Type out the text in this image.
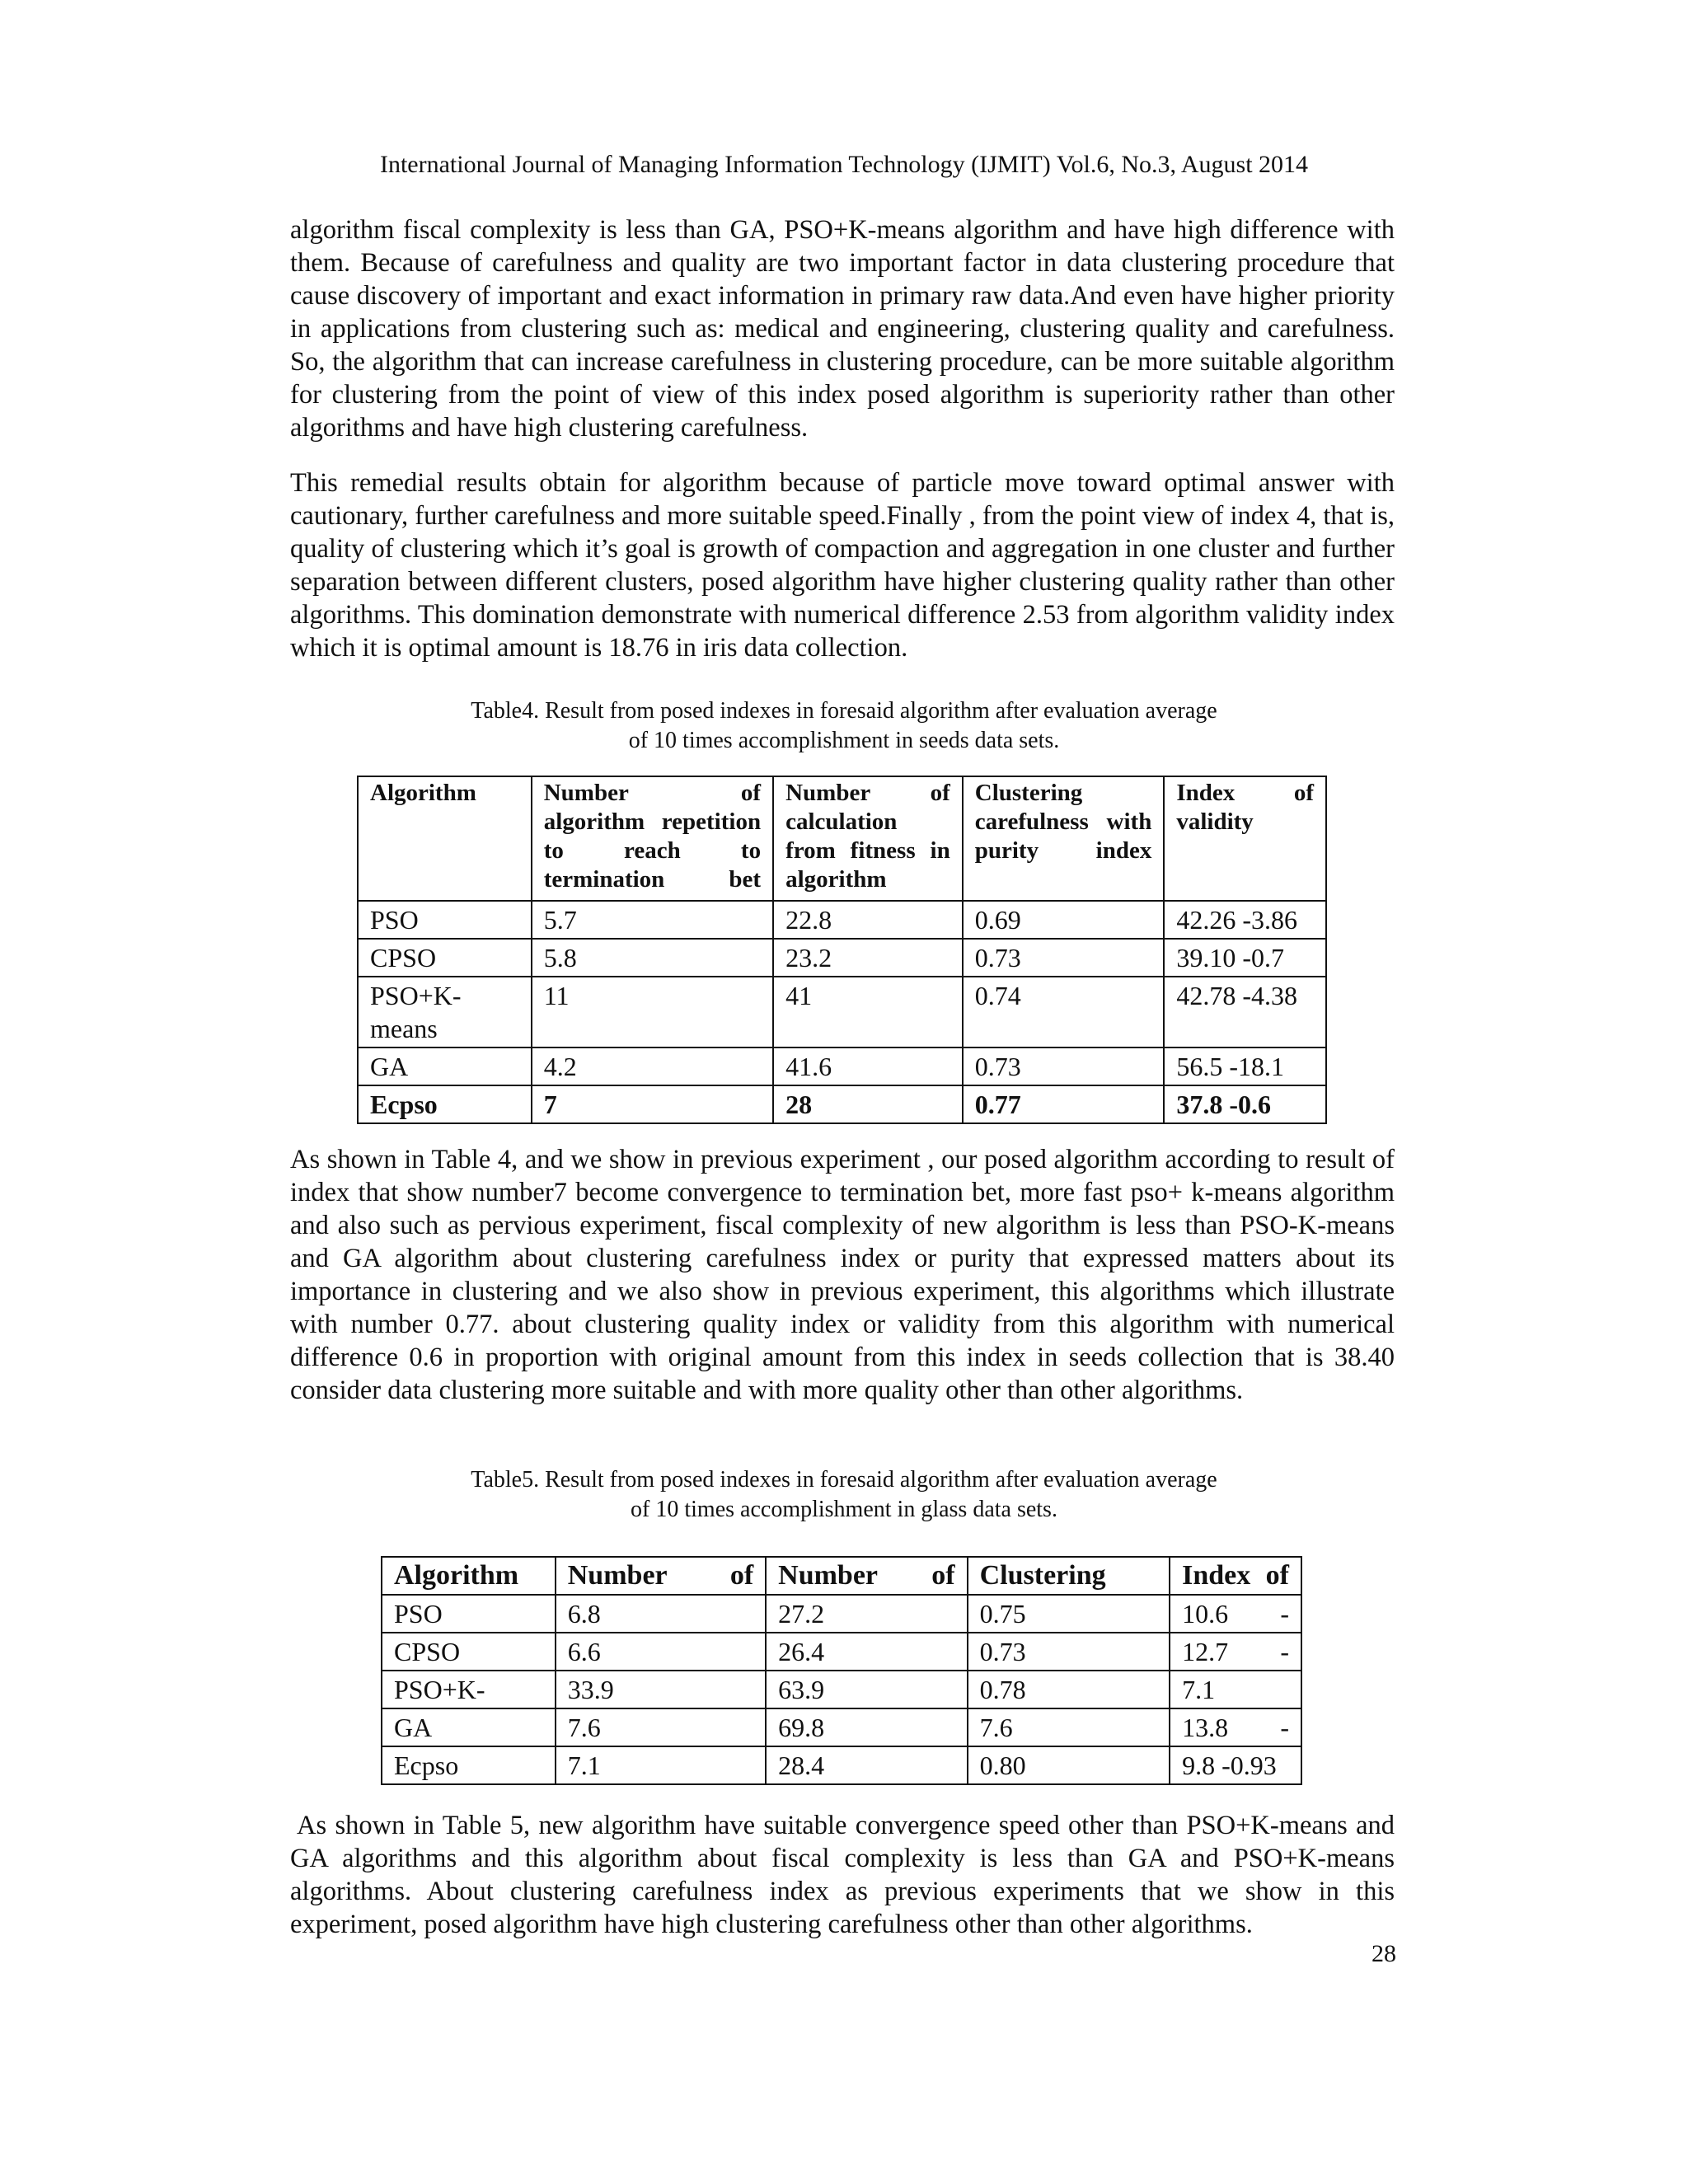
International Journal of Managing Information Technology (IJMIT) Vol.6, No.3, August 2014

algorithm fiscal complexity is less than GA, PSO+K-means algorithm and have high difference with them. Because of carefulness and quality are two important factor in data clustering procedure that cause discovery of important and exact information in primary raw data.And even have higher priority in applications from clustering such as: medical and engineering, clustering quality and carefulness. So, the algorithm that can increase carefulness in clustering procedure, can be more suitable algorithm for clustering from the point of view of this index posed algorithm is superiority rather than other algorithms and have high clustering carefulness.

This remedial results obtain for algorithm because of particle move toward optimal answer with cautionary, further carefulness and more suitable speed.Finally , from the point view of index 4, that is, quality of clustering which it’s goal is growth of compaction and aggregation in one cluster and further separation between different clusters, posed algorithm have higher clustering quality rather than other algorithms. This domination demonstrate with numerical difference 2.53 from algorithm validity index which it is optimal amount is 18.76 in iris data collection.

Table4. Result from posed indexes in foresaid algorithm after evaluation average
of 10 times accomplishment in seeds data sets.
Algorithm	Number of algorithm repetition to reach to termination bet	Number of calculation from fitness in algorithm	Clustering carefulness with purity index	Index of validity
PSO	5.7	22.8	0.69	42.26 -3.86
CPSO	5.8	23.2	0.73	39.10 -0.7
PSO+K-means	11	41	0.74	42.78 -4.38
GA	4.2	41.6	0.73	56.5 -18.1
Ecpso	7	28	0.77	37.8 -0.6

As shown in Table 4, and we show in previous experiment , our posed algorithm according to result of index that show number7 become convergence to termination bet, more fast pso+ k-means algorithm and also such as pervious experiment, fiscal complexity of new algorithm is less than PSO-K-means and GA algorithm about clustering carefulness index or purity that expressed matters about its importance in clustering and we also show in previous experiment, this algorithms which illustrate with number 0.77. about clustering quality index or validity from this algorithm with numerical difference 0.6 in proportion with original amount from this index in seeds collection that is 38.40 consider data clustering more suitable and with more quality other than other algorithms.

Table5. Result from posed indexes in foresaid algorithm after evaluation average
of 10 times accomplishment in glass data sets.
Algorithm	Number of	Number of	Clustering	Index of

PSO	6.8	27.2	0.75	10.6 -

CPSO	6.6	26.4	0.73	12.7 -

PSO+K-	33.9	63.9	0.78	7.1
GA	7.6	69.8	7.6	13.8 -

Ecpso	7.1	28.4	0.80	9.8 -0.93

As shown in Table 5, new algorithm have suitable convergence speed other than PSO+K-means and GA algorithms and this algorithm about fiscal complexity is less than GA and PSO+K-means algorithms. About clustering carefulness index as previous experiments that we show in this experiment, posed algorithm have high clustering carefulness other than other algorithms.

28
